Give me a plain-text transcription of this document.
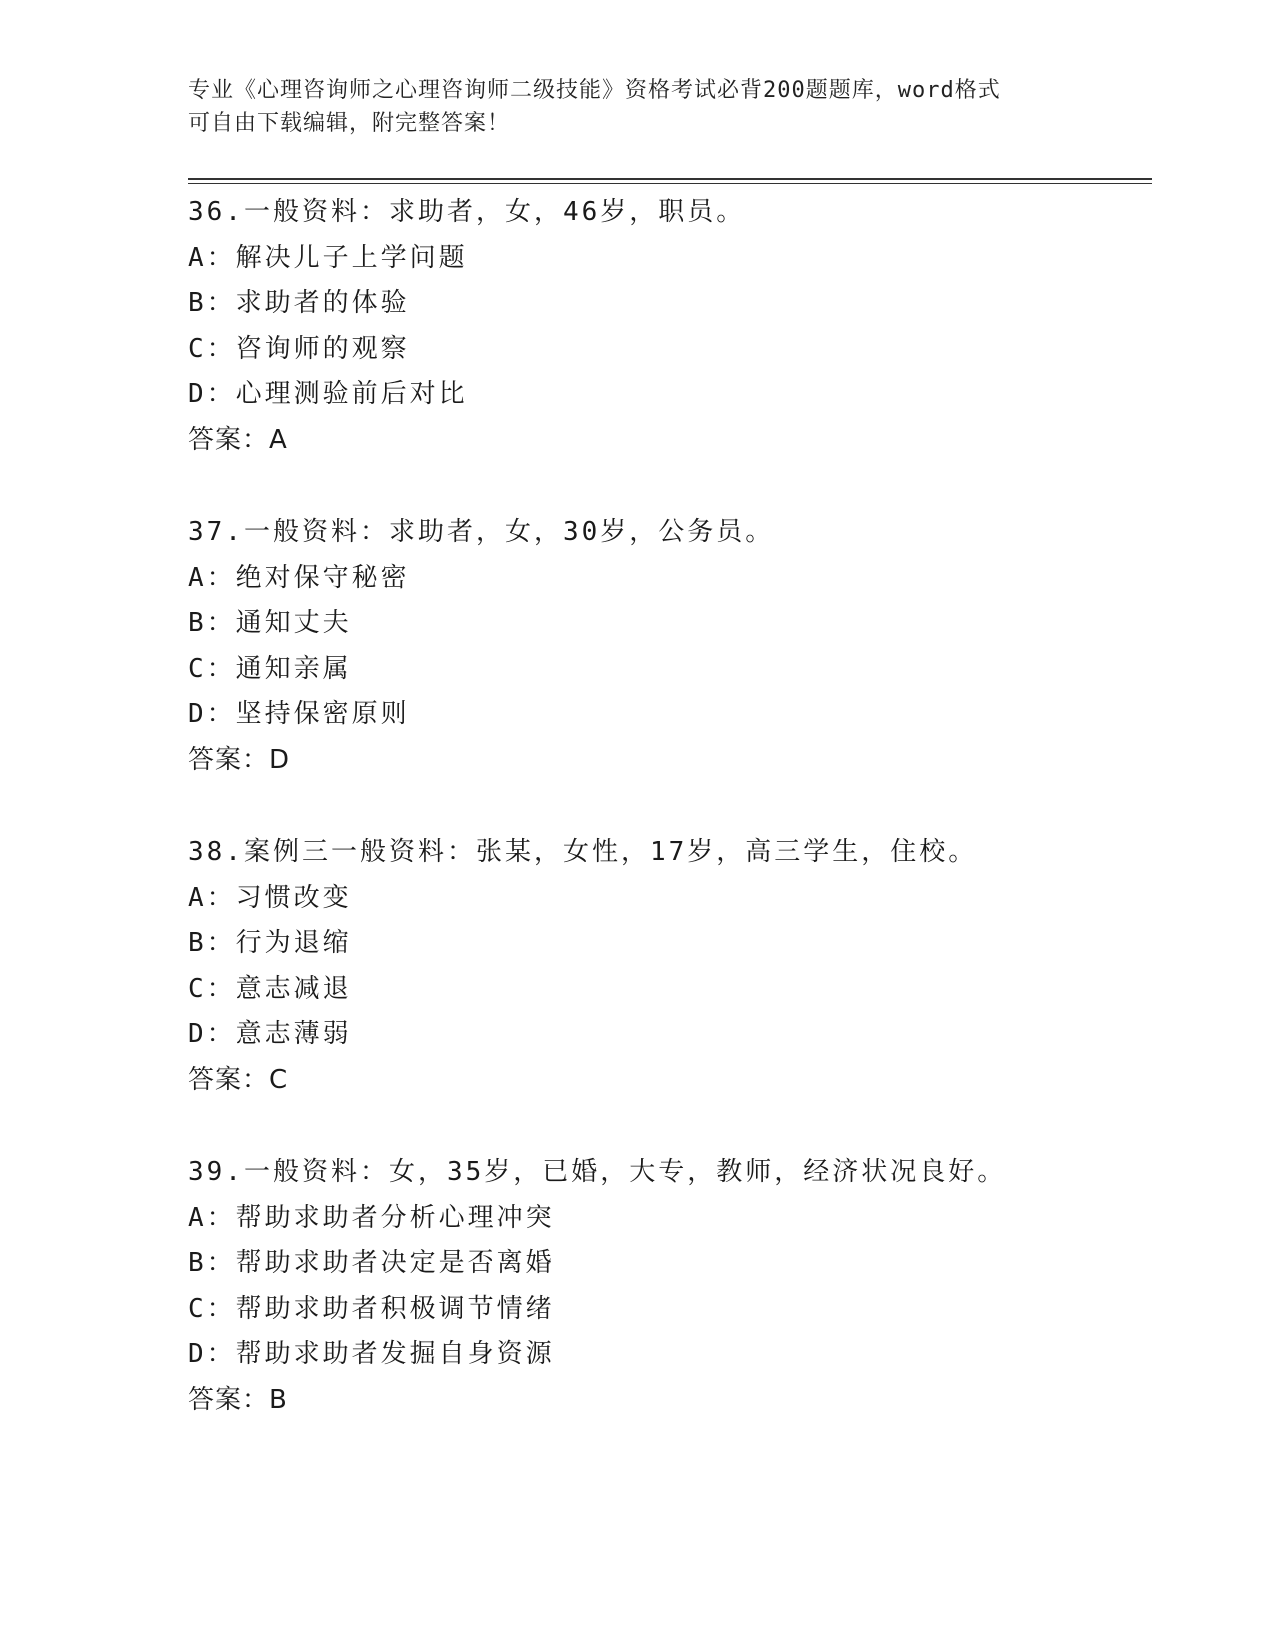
专业《心理咨询师之心理咨询师二级技能》资格考试必背200题题库，word格式
可自由下载编辑，附完整答案！
36.一般资料：求助者，女，46岁，职员。
A：解决儿子上学问题
B：求助者的体验
C：咨询师的观察
D：心理测验前后对比
答案：A
37.一般资料：求助者，女，30岁，公务员。
A：绝对保守秘密
B：通知丈夫
C：通知亲属
D：坚持保密原则
答案：D
38.案例三一般资料：张某，女性，17岁，高三学生，住校。
A：习惯改变
B：行为退缩
C：意志减退
D：意志薄弱
答案：C
39.一般资料：女，35岁，已婚，大专，教师，经济状况良好。
A：帮助求助者分析心理冲突
B：帮助求助者决定是否离婚
C：帮助求助者积极调节情绪
D：帮助求助者发掘自身资源
答案：B
